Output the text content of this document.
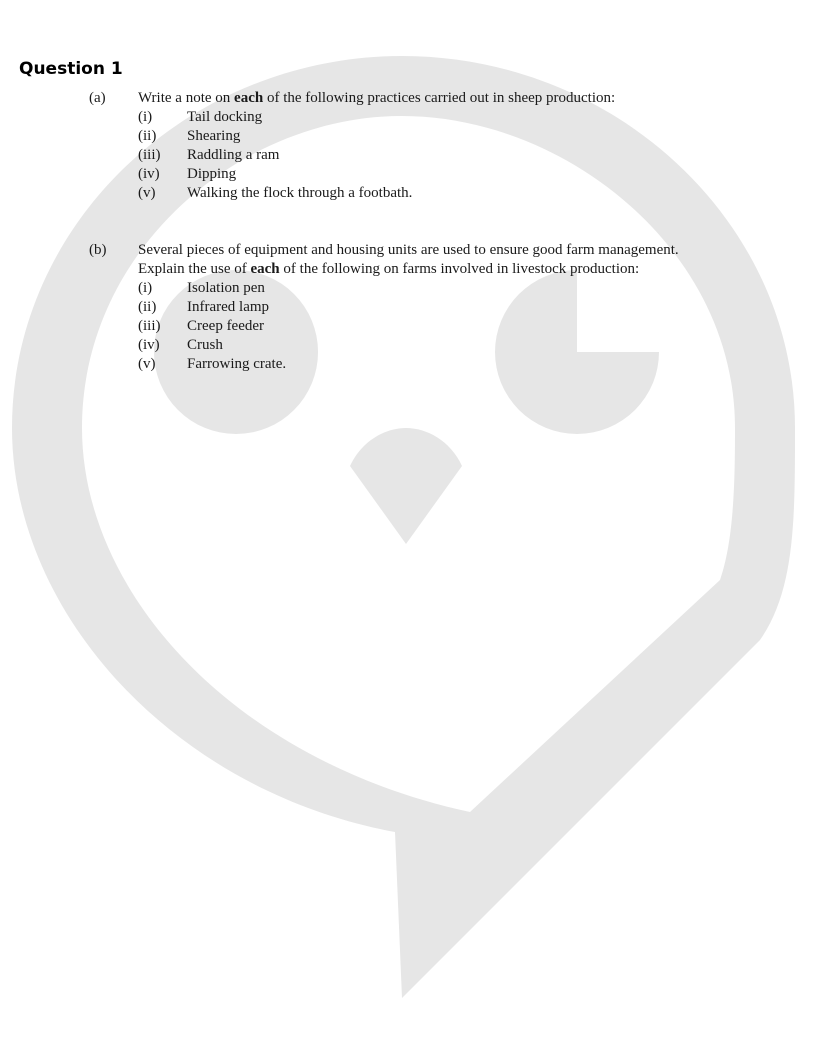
Question 1
(a) Write a note on each of the following practices carried out in sheep production:

(i) Tail docking
(ii) Shearing
(iii) Raddling a ram
(iv) Dipping
(v) Walking the flock through a footbath.
(b) Several pieces of equipment and housing units are used to ensure good farm management.
Explain the use of each of the following on farms involved in livestock production:

(i) Isolation pen
(ii) Infrared lamp
(iii) Creep feeder
(iv) Crush
(v) Farrowing crate.
